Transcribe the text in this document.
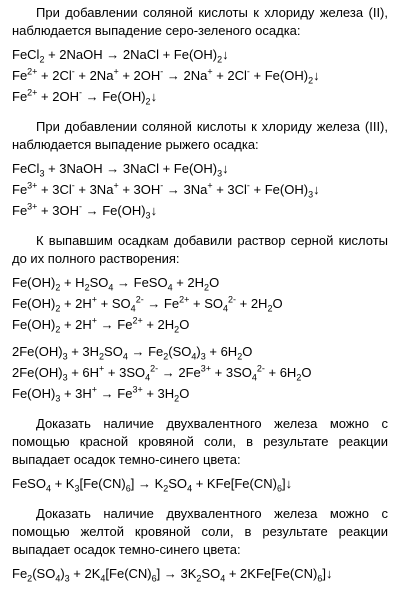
При добавлении соляной кислоты к хлориду железа (II), наблюдается выпадение серо-зеленого осадка:

FeCl$_2$ + 2NaOH → 2NaCl + $Fe(OH)_2↓$
$Fe^{2+} + 2Cl^- + 2Na^+ + 2OH^- \to 2Na^+ + 2Cl^-$ + $Fe(OH)_2↓$
$Fe^{2+} + 2OH^-$ → $Fe(OH)_2↓$

При добавлении соляной кислоты к хлориду железа (III), наблюдается выпадение рыжего осадка:

FeCl$_3$ + 3NaOH → 3NaCl + $Fe(OH)_3↓$
$Fe^{3+} + 3Cl^- + 3Na^+ + 3OH^- \to 3Na^+ + 3Cl^-$ + $Fe(OH)_3↓$
$Fe^{3+} + 3OH^-$ → $Fe(OH)_3↓$

К выпавшим осадкам добавили раствор серной кислоты до их полного растворения:

$Fe(OH)_2 + H_2SO_4$ → FeSO$_4$ + $2H_2O$
$Fe(OH)_2 + 2H^+ + SO_4^{2-} \to Fe^{2+} + SO_4^{2-} + 2H_2O$
$Fe(OH)_2 + 2H^+ \to Fe^{2+} + 2H_2O$
$2Fe(OH)_3 + 3H_2SO_4 \to Fe_2(SO_4)_3 + 6H_2O$
$2Fe(OH)_3 + 6H^+ + 3SO_4^{2-} \to 2Fe^{3+} + 3SO_4^{2-} + 6H_2O$
$Fe(OH)_3 + 3H^+ \to Fe^{3+} + 3H_2O$

Доказать наличие двухвалентного железа можно с помощью красной кровяной соли, в результате реакции выпадает осадок темно-синего цвета:

FeSO$_4$ + $K_3[Fe(CN)_6] \to K_2SO_4$ + $KFe[Fe(CN)_6]↓$

Доказать наличие двухвалентного железа можно с помощью желтой кровяной соли, в результате реакции выпадает осадок темно-синего цвета:

$Fe_2(SO_4)_3 + 2K_4[Fe(CN)_6] \to 3K_2SO_4$ + $2KFe[Fe(CN)_6]↓$
